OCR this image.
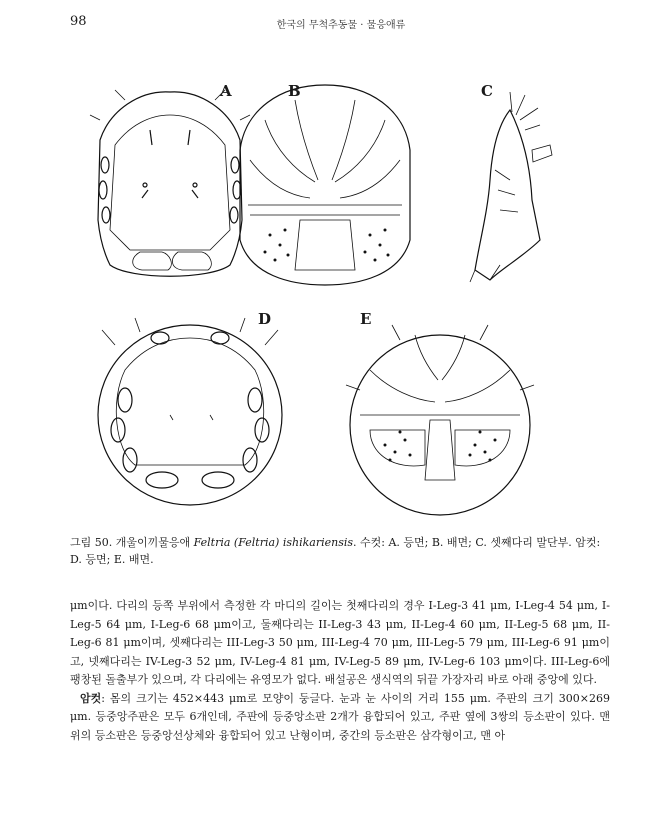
98	한국의 무척추동물 · 물응애류
A	B	C
D	E
그림 50. 개울이끼물응애 Feltria (Feltria) ishikariensis. 수컷: A. 등면; B. 배면; C. 셋째다리 말단부. 암컷: D. 등면; E. 배면.

μm이다. 다리의 등쪽 부위에서 측정한 각 마디의 길이는 첫째다리의 경우 I-Leg-3 41 μm, I-Leg-4 54 μm, I-Leg-5 64 μm, I-Leg-6 68 μm이고, 둘째다리는 II-Leg-3 43 μm, II-Leg-4 60 μm, II-Leg-5 68 μm, II-Leg-6 81 μm이며, 셋째다리는 III-Leg-3 50 μm, III-Leg-4 70 μm, III-Leg-5 79 μm, III-Leg-6 91 μm이고, 넷째다리는 IV-Leg-3 52 μm, IV-Leg-4 81 μm, IV-Leg-5 89 μm, IV-Leg-6 103 μm이다. III-Leg-6에 팽창된 돌출부가 있으며, 각 다리에는 유영모가 없다. 배설공은 생식역의 뒤끝 가장자리 바로 아래 중앙에 있다.

암컷: 몸의 크기는 452×443 μm로 모양이 둥글다. 눈과 눈 사이의 거리 155 μm. 주판의 크기 300×269 μm. 등중앙주판은 모두 6개인데, 주판에 등중앙소판 2개가 융합되어 있고, 주판 옆에 3쌍의 등소판이 있다. 맨 위의 등소판은 등중앙선상체와 융합되어 있고 난형이며, 중간의 등소판은 삼각형이고, 맨 아
